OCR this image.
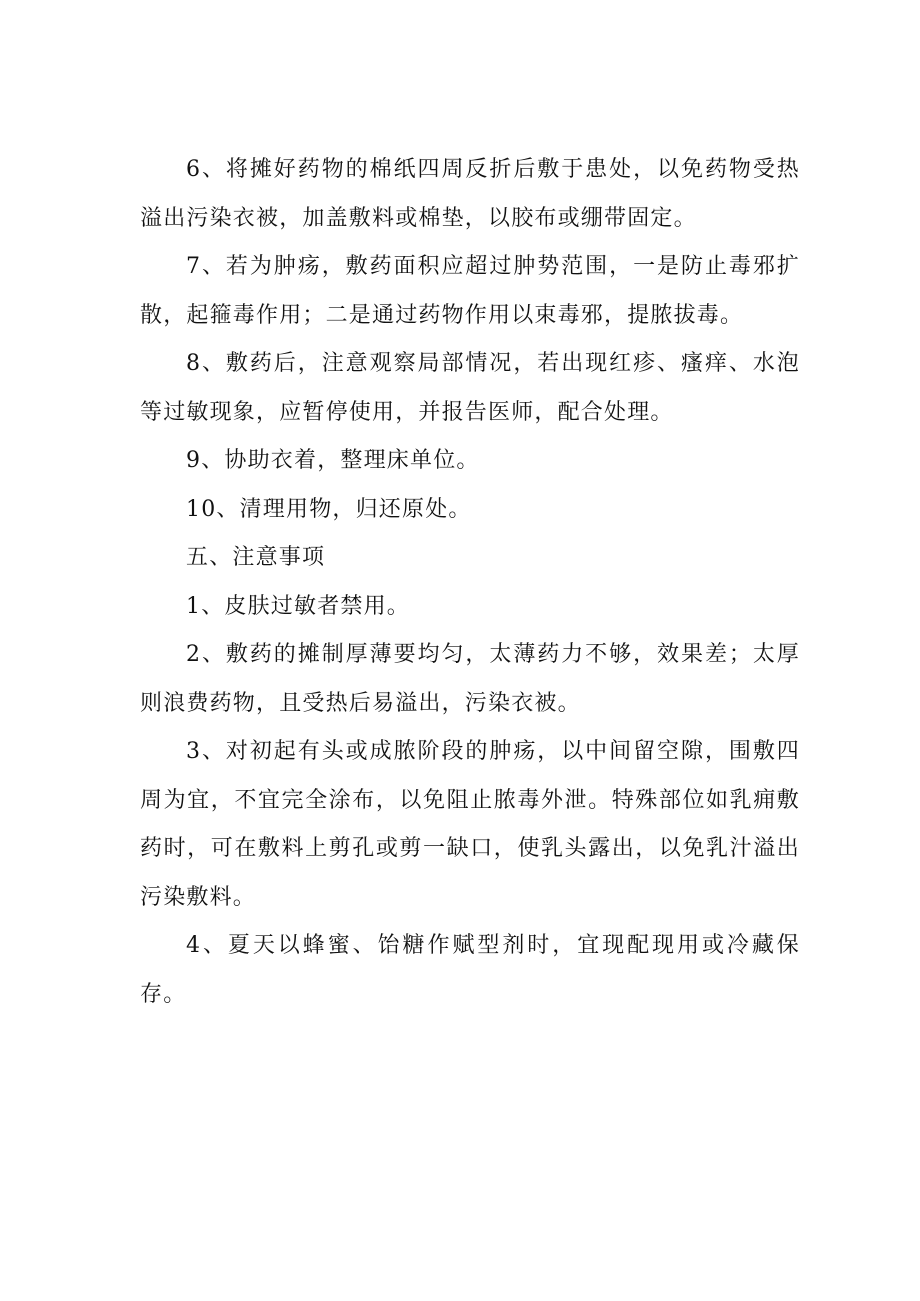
6、将摊好药物的棉纸四周反折后敷于患处，以免药物受热溢出污染衣被，加盖敷料或棉垫，以胶布或绷带固定。

7、若为肿疡，敷药面积应超过肿势范围，一是防止毒邪扩散，起箍毒作用；二是通过药物作用以束毒邪，提脓拔毒。

8、敷药后，注意观察局部情况，若出现红疹、瘙痒、水泡等过敏现象，应暂停使用，并报告医师，配合处理。

9、协助衣着，整理床单位。

10、清理用物，归还原处。

五、注意事项

1、皮肤过敏者禁用。

2、敷药的摊制厚薄要均匀，太薄药力不够，效果差；太厚则浪费药物，且受热后易溢出，污染衣被。

3、对初起有头或成脓阶段的肿疡，以中间留空隙，围敷四周为宜，不宜完全涂布，以免阻止脓毒外泄。特殊部位如乳痈敷药时，可在敷料上剪孔或剪一缺口，使乳头露出，以免乳汁溢出污染敷料。

4、夏天以蜂蜜、饴糖作赋型剂时，宜现配现用或冷藏保存。
